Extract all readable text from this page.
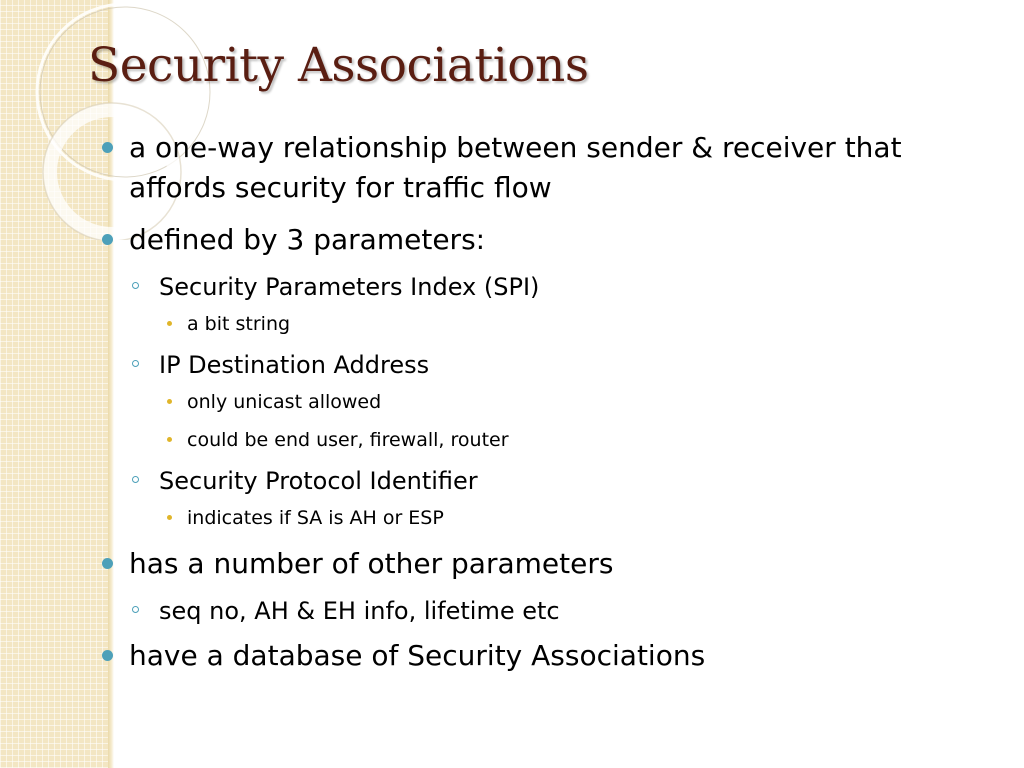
Security Associations
a one-way relationship between sender & receiver that affords security for traffic flow
defined by 3 parameters:
Security Parameters Index (SPI)
a bit string
IP Destination Address
only unicast allowed
could be end user, firewall, router
Security Protocol Identifier
indicates if SA is AH or ESP
has a number of other parameters
seq no, AH & EH info, lifetime etc
have a database of Security Associations
